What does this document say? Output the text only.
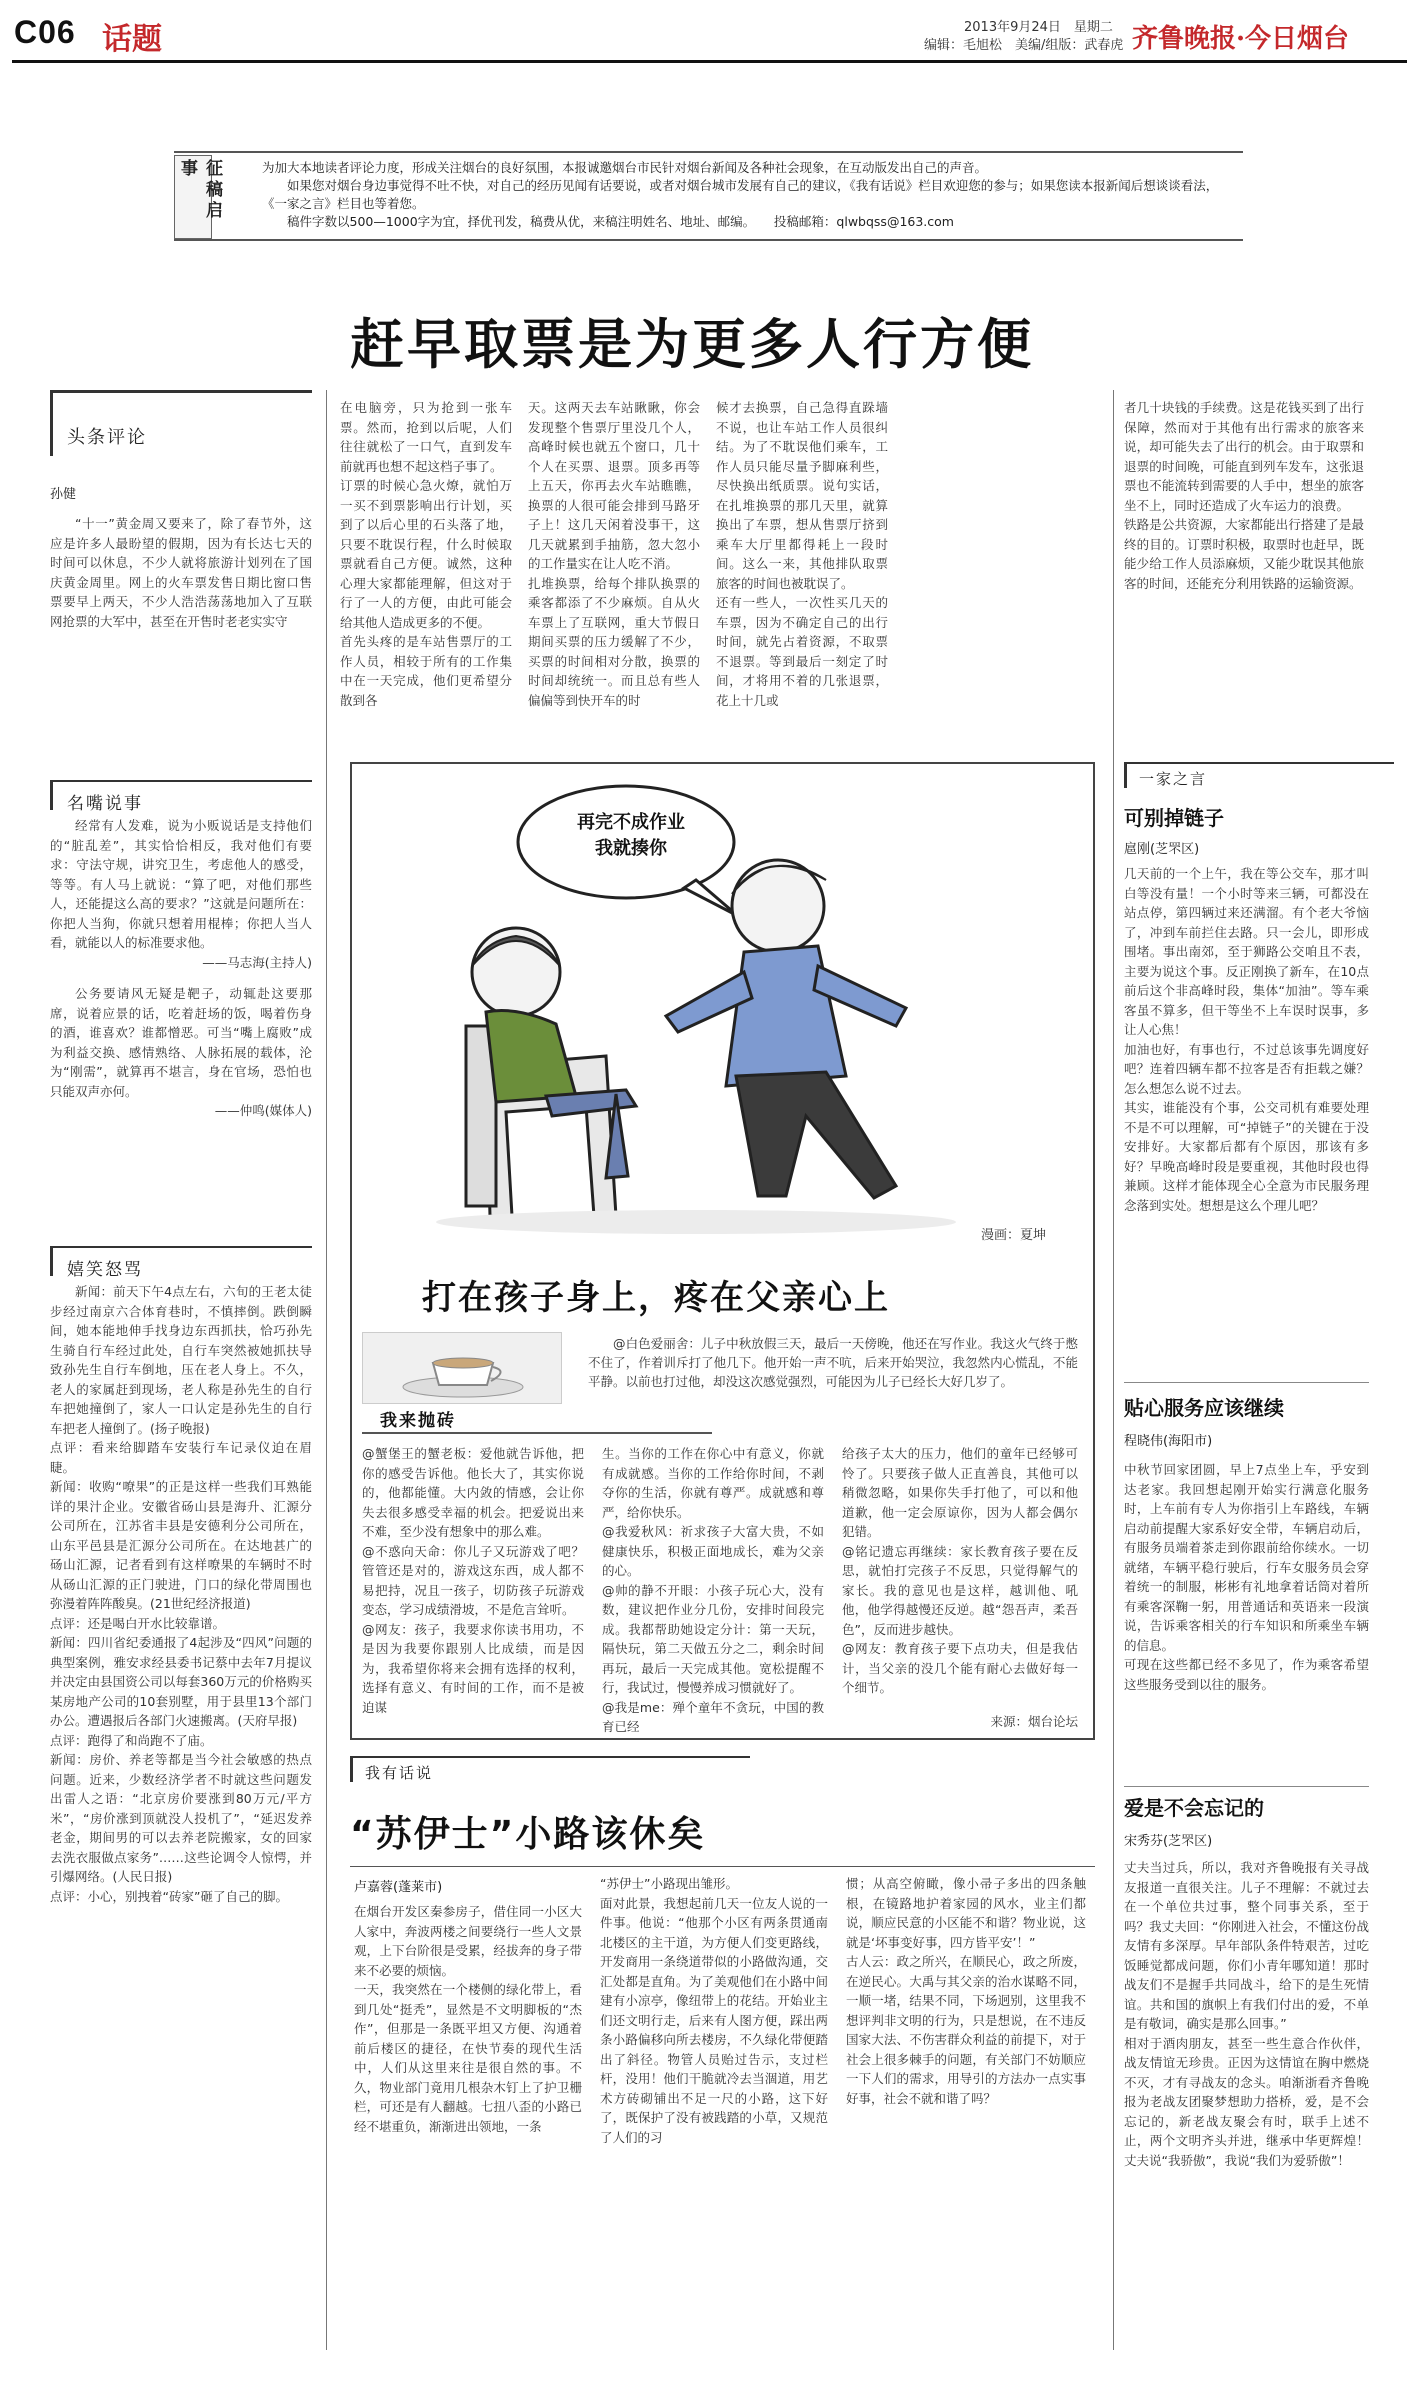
C06 话题	2013年9月24日　星期二
编辑：毛旭松　美编/组版：武春虎 齐鲁晚报·今日烟台
征稿启事	为加大本地读者评论力度，形成关注烟台的良好氛围，本报诚邀烟台市民针对烟台新闻及各种社会现象，在互动版发出自己的声音。
如果您对烟台身边事觉得不吐不快，对自己的经历见闻有话要说，或者对烟台城市发展有自己的建议，《我有话说》栏目欢迎您的参与；如果您读本报新闻后想谈谈看法，《一家之言》栏目也等着您。
稿件字数以500—1000字为宜，择优刊发，稿费从优，来稿注明姓名、地址、邮编。　　投稿邮箱：qlwbqss@163.com
赶早取票是为更多人行方便
头条评论
孙健
“十一”黄金周又要来了，除了春节外，这应是许多人最盼望的假期，因为有长达七天的时间可以休息，不少人就将旅游计划列在了国庆黄金周里。网上的火车票发售日期比窗口售票要早上两天，不少人浩浩荡荡地加入了互联网抢票的大军中，甚至在开售时老老实实守
名嘴说事

经常有人发难，说为小贩说话是支持他们的“脏乱差”，其实恰恰相反，我对他们有要求：守法守规，讲究卫生，考虑他人的感受，等等。有人马上就说：“算了吧，对他们那些人，还能提这么高的要求？”这就是问题所在：你把人当狗，你就只想着用棍棒；你把人当人看，就能以人的标准要求他。

——马志海(主持人)

公务要请风无疑是靶子，动辄赴这要那席，说着应景的话，吃着赶场的饭，喝着伤身的酒，谁喜欢？谁都憎恶。可当“嘴上腐败”成为利益交换、感情熟络、人脉拓展的载体，沦为“刚需”，就算再不堪言，身在官场，恐怕也只能双声亦何。

——仲鸣(媒体人)
嬉笑怒骂
新闻：前天下午4点左右，六旬的王老太徒步经过南京六合体育巷时，不慎摔倒。跌倒瞬间，她本能地伸手找身边东西抓扶，恰巧孙先生骑自行车经过此处，自行车突然被她抓扶导致孙先生自行车倒地，压在老人身上。不久，老人的家属赶到现场，老人称是孙先生的自行车把她撞倒了，家人一口认定是孙先生的自行车把老人撞倒了。(扬子晚报)
点评：看来给脚踏车安装行车记录仪迫在眉睫。
新闻：收购“嘹果”的正是这样一些我们耳熟能详的果汁企业。安徽省砀山县是海升、汇源分公司所在，江苏省丰县是安德利分公司所在，山东平邑县是汇源分公司所在。在达地甚广的砀山汇源，记者看到有这样嘹果的车辆时不时从砀山汇源的正门驶进，门口的绿化带周围也弥漫着阵阵酸臭。(21世纪经济报道)
点评：还是喝白开水比较靠谱。
新闻：四川省纪委通报了4起涉及“四风”问题的典型案例，雅安求经县委书记蔡中去年7月提议并决定由县国资公司以每套360万元的价格购买某房地产公司的10套别墅，用于县里13个部门办公。遭遇报后各部门火速搬离。(天府早报)
点评：跑得了和尚跑不了庙。
新闻：房价、养老等都是当今社会敏感的热点问题。近来，少数经济学者不时就这些问题发出雷人之语：“北京房价要涨到80万元/平方米”，“房价涨到顶就没人投机了”，“延迟发养老金，期间男的可以去养老院搬家，女的回家去洗衣服做点家务”……这些论调令人惊愕，并引爆网络。(人民日报)
点评：小心，别拽着“砖家”砸了自己的脚。
在电脑旁，只为抢到一张车票。然而，抢到以后呢，人们往往就松了一口气，直到发车前就再也想不起这档子事了。
订票的时候心急火燎，就怕万一买不到票影响出行计划，买到了以后心里的石头落了地，只要不耽误行程，什么时候取票就看自己方便。诚然，这种心理大家都能理解，但这对于行了一人的方便，由此可能会给其他人造成更多的不便。
首先头疼的是车站售票厅的工作人员，相较于所有的工作集中在一天完成，他们更希望分散到各
天。这两天去车站瞅瞅，你会发现整个售票厅里没几个人，高峰时候也就五个窗口，几十个人在买票、退票。顶多再等上五天，你再去火车站瞧瞧，换票的人很可能会排到马路牙子上！这几天闲着没事干，这几天就累到手抽筋，忽大忽小的工作量实在让人吃不消。
扎堆换票，给每个排队换票的乘客都添了不少麻烦。自从火车票上了互联网，重大节假日期间买票的压力缓解了不少，买票的时间相对分散，换票的时间却统统一。而且总有些人偏偏等到快开车的时
候才去换票，自己急得直跺墙不说，也让车站工作人员很纠结。为了不耽误他们乘车，工作人员只能尽量予脚麻利些，尽快换出纸质票。说句实话，在扎堆换票的那几天里，就算换出了车票，想从售票厅挤到乘车大厅里都得耗上一段时间。这么一来，其他排队取票旅客的时间也被耽误了。
还有一些人，一次性买几天的车票，因为不确定自己的出行时间，就先占着资源，不取票不退票。等到最后一刻定了时间，才将用不着的几张退票，花上十几或
者几十块钱的手续费。这是花钱买到了出行保障，然而对于其他有出行需求的旅客来说，却可能失去了出行的机会。由于取票和退票的时间晚，可能直到列车发车，这张退票也不能流转到需要的人手中，想坐的旅客坐不上，同时还造成了火车运力的浪费。
铁路是公共资源，大家都能出行搭建了是最终的目的。订票时积极，取票时也赶早，既能少给工作人员添麻烦，又能少耽误其他旅客的时间，还能充分利用铁路的运输资源。
再完不成作业
我就揍你
漫画：夏坤
打在孩子身上，疼在父亲心上
我来抛砖
@白色爱丽舍：儿子中秋放假三天，最后一天傍晚，他还在写作业。我这火气终于憋不住了，作着训斥打了他几下。他开始一声不吭，后来开始哭泣，我忽然内心慌乱，不能平静。以前也打过他，却没这次感觉强烈，可能因为儿子已经长大好几岁了。
@蟹堡王的蟹老板：爱他就告诉他，把你的感受告诉他。他长大了，其实你说的，他都能懂。大内敛的情感，会让你失去很多感受幸福的机会。把爱说出来不难，至少没有想象中的那么难。
@不惑向天命：你儿子又玩游戏了吧？管管还是对的，游戏这东西，成人都不易把持，况且一孩子，切防孩子玩游戏变态，学习成绩滑坡，不是危言耸听。
@网友：孩子，我要求你读书用功，不是因为我要你跟别人比成绩，而是因为，我希望你将来会拥有选择的权利，选择有意义、有时间的工作，而不是被迫谋
生。当你的工作在你心中有意义，你就有成就感。当你的工作给你时间，不剥夺你的生活，你就有尊严。成就感和尊严，给你快乐。
@我爱秋风：祈求孩子大富大贵，不如健康快乐，积极正面地成长，难为父亲的心。
@帅的静不开眼：小孩子玩心大，没有数，建议把作业分几份，安排时间段完成。我都帮助她设定分计：第一天玩，隔快玩，第二天做五分之二，剩余时间再玩，最后一天完成其他。宽松提醒不行，我试过，慢慢养成习惯就好了。
@我是me：殚个童年不贪玩，中国的教育已经
给孩子太大的压力，他们的童年已经够可怜了。只要孩子做人正直善良，其他可以稍微忽略，如果你失手打他了，可以和他道歉，他一定会原谅你，因为人都会偶尔犯错。
@铭记遗忘再继续：家长教育孩子要在反思，就怕打完孩子不反思，只觉得解气的家长。我的意见也是这样，越训他、吼他，他学得越慢还反逆。越“怨吾声，柔吾色”，反而进步越快。
@网友：教育孩子要下点功夫，但是我估计，当父亲的没几个能有耐心去做好每一个细节。
来源：烟台论坛
我有话说
“苏伊士”小路该休矣
卢嘉蓉(蓬莱市)
在烟台开发区秦参房子，借住同一小区大人家中，奔波两楼之间要绕行一些人文景观，上下台阶很是受累，经拔奔的身子带来不必要的烦恼。
一天，我突然在一个楼侧的绿化带上，看到几处“挺秃”，显然是不文明脚板的“杰作”，但那是一条既平坦又方便、沟通着前后楼区的捷径，在快节奏的现代生活中，人们从这里来往是很自然的事。不久，物业部门竟用几根杂木钉上了护卫栅栏，可还是有人翻越。七扭八歪的小路已经不堪重负，渐渐进出领地，一条
“苏伊士”小路现出雏形。
面对此景，我想起前几天一位友人说的一件事。他说：“他那个小区有两条贯通南北楼区的主干道，为方便人们变更路线，开发商用一条绕道带似的小路做沟通，交汇处都是直角。为了美观他们在小路中间建有小凉亭，像纽带上的花结。开始业主们还文明行走，后来有人图方便，踩出两条小路偏移向所去楼房，不久绿化带便踏出了斜径。物管人员贻过告示，支过栏杆，没用！他们干脆就冷去当涸道，用艺术方砖砌铺出不足一尺的小路，这下好了，既保护了没有被践踏的小草，又规范了人们的习
惯；从高空俯瞰，像小帚子多出的四条触根，在镜路地护着家园的风水，业主们都说，顺应民意的小区能不和谐？物业说，这就是‘坏事变好事，四方皆平安’！”
古人云：政之所兴，在顺民心，政之所废，在逆民心。大禹与其父亲的治水谋略不同，一顺一堵，结果不同，下场迥别，这里我不想评判非文明的行为，只是想说，在不违反国家大法、不伤害群众利益的前提下，对于社会上很多棘手的问题，有关部门不妨顺应一下人们的需求，用导引的方法办一点实事好事，社会不就和谐了吗？
一家之言
可别掉链子
扈刚(芝罘区)
几天前的一个上午，我在等公交车，那才叫白等没有量！一个小时等来三辆，可都没在站点停，第四辆过来还满溜。有个老大爷恼了，冲到车前拦住去路。只一会儿，即形成围堵。事出南郊，至于狮路公交咱且不表，主要为说这个事。反正刚换了新车，在10点前后这个非高峰时段，集体“加油”。等车乘客虽不算多，但干等坐不上车误时误事，多让人心焦！
加油也好，有事也行，不过总该事先调度好吧？连着四辆车都不拉客是否有拒载之嫌？怎么想怎么说不过去。
其实，谁能没有个事，公交司机有难要处理不是不可以理解，可“掉链子”的关键在于没安排好。大家都后都有个原因，那该有多好？早晚高峰时段是要重视，其他时段也得兼顾。这样才能体现全心全意为市民服务理念落到实处。想想是这么个理儿吧？
贴心服务应该继续
程晓伟(海阳市)
中秋节回家团圆，早上7点坐上车，乎安到达老家。我回想起刚开始实行满意化服务时，上车前有专人为你指引上车路线，车辆启动前提醒大家系好安全带，车辆启动后，有服务员端着茶走到你跟前给你续水。一切就绪，车辆平稳行驶后，行车女服务员会穿着统一的制服，彬彬有礼地拿着话筒对着所有乘客深鞠一躬，用普通话和英语来一段演说，告诉乘客相关的行车知识和所乘坐车辆的信息。
可现在这些都已经不多见了，作为乘客希望这些服务受到以往的服务。
爱是不会忘记的
宋秀芬(芝罘区)
丈夫当过兵，所以，我对齐鲁晚报有关寻战友报道一直很关注。儿子不理解：不就过去在一个单位共过事，整个同事关系，至于吗？我丈夫回：“你刚进入社会，不懂这份战友情有多深厚。早年部队条件特艰苦，过吃饭睡觉都成问题，你们小青年哪知道！那时战友们不是握手共同战斗，给下的是生死情谊。共和国的旗帜上有我们付出的爱，不单是有敬词，确实是那么回事。”
相对于酒肉朋友，甚至一些生意合作伙伴，战友情谊无珍贵。正因为这情谊在胸中燃烧不灭，才有寻战友的念头。咱渐浙看齐鲁晚报为老战友团聚梦想助力搭桥，爱，是不会忘记的，新老战友聚会有时，联手上述不止，两个文明齐头并进，继承中华更辉煌！丈夫说“我骄傲”，我说“我们为爱骄傲”！
